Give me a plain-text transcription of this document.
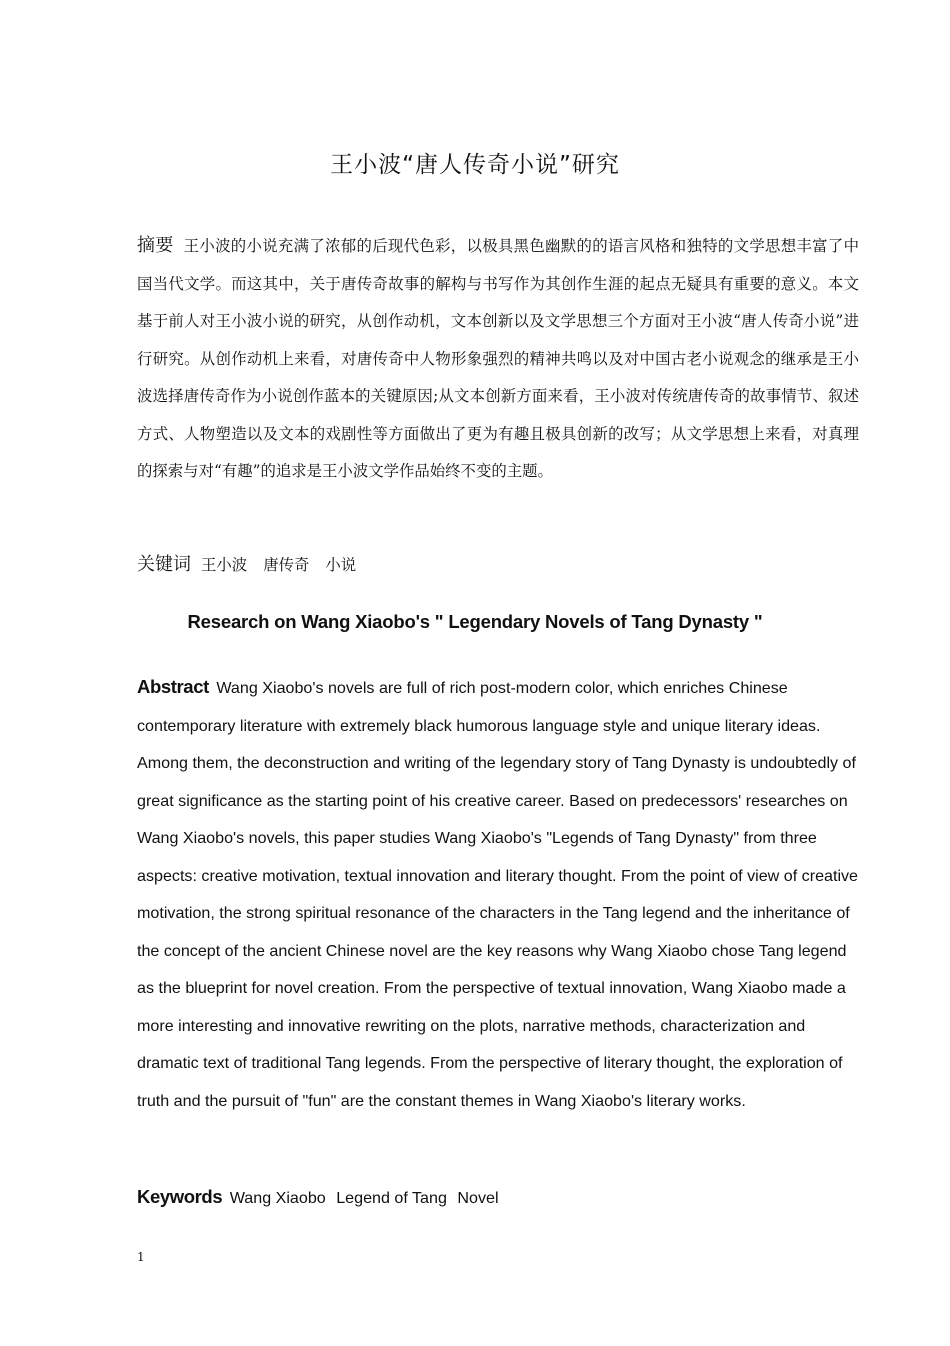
王小波“唐人传奇小说”研究
摘要 王小波的小说充满了浓郁的后现代色彩，以极具黑色幽默的的语言风格和独特的文学思想丰富了中国当代文学。而这其中，关于唐传奇故事的解构与书写作为其创作生涯的起点无疑具有重要的意义。本文基于前人对王小波小说的研究，从创作动机，文本创新以及文学思想三个方面对王小波“唐人传奇小说”进行研究。从创作动机上来看，对唐传奇中人物形象强烈的精神共鸣以及对中国古老小说观念的继承是王小波选择唐传奇作为小说创作蓝本的关键原因;从文本创新方面来看，王小波对传统唐传奇的故事情节、叙述方式、人物塑造以及文本的戏剧性等方面做出了更为有趣且极具创新的改写；从文学思想上来看，对真理的探索与对“有趣”的追求是王小波文学作品始终不变的主题。
关键词 王小波 唐传奇 小说
Research on Wang Xiaobo's " Legendary Novels of Tang Dynasty "
Abstract Wang Xiaobo's novels are full of rich post-modern color, which enriches Chinese contemporary literature with extremely black humorous language style and unique literary ideas. Among them, the deconstruction and writing of the legendary story of Tang Dynasty is undoubtedly of great significance as the starting point of his creative career. Based on predecessors' researches on Wang Xiaobo's novels, this paper studies Wang Xiaobo's "Legends of Tang Dynasty" from three aspects: creative motivation, textual innovation and literary thought. From the point of view of creative motivation, the strong spiritual resonance of the characters in the Tang legend and the inheritance of the concept of the ancient Chinese novel are the key reasons why Wang Xiaobo chose Tang legend as the blueprint for novel creation. From the perspective of textual innovation, Wang Xiaobo made a more interesting and innovative rewriting on the plots, narrative methods, characterization and dramatic text of traditional Tang legends. From the perspective of literary thought, the exploration of truth and the pursuit of "fun" are the constant themes in Wang Xiaobo's literary works.
Keywords Wang Xiaobo Legend of Tang Novel
1
